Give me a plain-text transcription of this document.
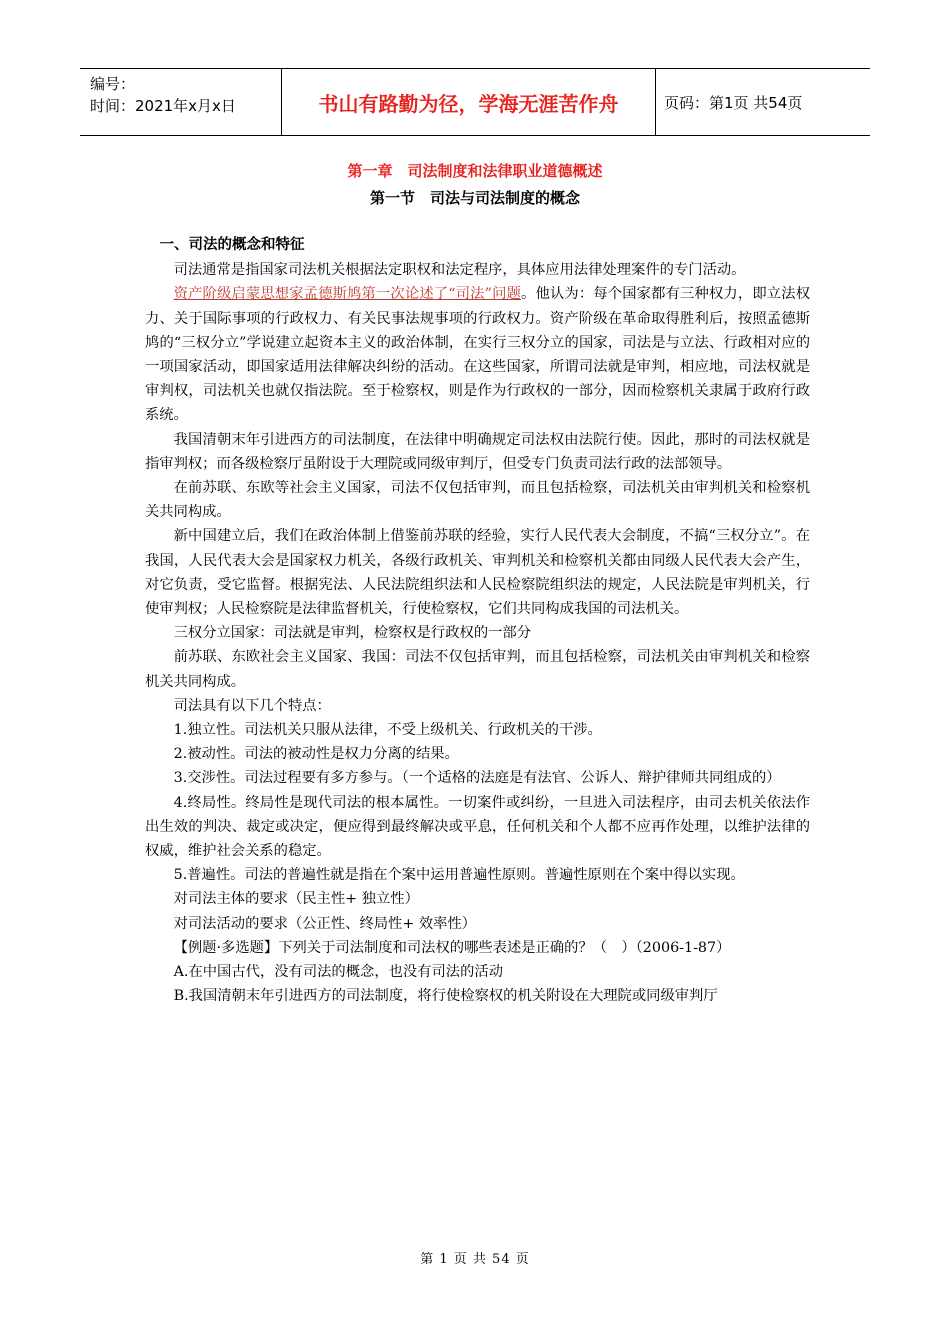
编号：
时间：2021年x月x日	书山有路勤为径，学海无涯苦作舟	页码：第1页 共54页
第一章　司法制度和法律职业道德概述
第一节　司法与司法制度的概念

一、司法的概念和特征

司法通常是指国家司法机关根据法定职权和法定程序，具体应用法律处理案件的专门活动。

资产阶级启蒙思想家孟德斯鸠第一次论述了“司法”问题。他认为：每个国家都有三种权力，即立法权力、关于国际事项的行政权力、有关民事法规事项的行政权力。资产阶级在革命取得胜利后，按照孟德斯鸠的“三权分立”学说建立起资本主义的政治体制，在实行三权分立的国家，司法是与立法、行政相对应的一项国家活动，即国家适用法律解决纠纷的活动。在这些国家，所谓司法就是审判，相应地，司法权就是审判权，司法机关也就仅指法院。至于检察权，则是作为行政权的一部分，因而检察机关隶属于政府行政系统。

我国清朝末年引进西方的司法制度，在法律中明确规定司法权由法院行使。因此，那时的司法权就是指审判权；而各级检察厅虽附设于大理院或同级审判厅，但受专门负责司法行政的法部领导。

在前苏联、东欧等社会主义国家，司法不仅包括审判，而且包括检察，司法机关由审判机关和检察机关共同构成。

新中国建立后，我们在政治体制上借鉴前苏联的经验，实行人民代表大会制度，不搞“三权分立”。在我国，人民代表大会是国家权力机关，各级行政机关、审判机关和检察机关都由同级人民代表大会产生，对它负责，受它监督。根据宪法、人民法院组织法和人民检察院组织法的规定，人民法院是审判机关，行使审判权；人民检察院是法律监督机关，行使检察权，它们共同构成我国的司法机关。

三权分立国家：司法就是审判，检察权是行政权的一部分

前苏联、东欧社会主义国家、我国：司法不仅包括审判，而且包括检察，司法机关由审判机关和检察机关共同构成。

司法具有以下几个特点：

1.独立性。司法机关只服从法律，不受上级机关、行政机关的干涉。

2.被动性。司法的被动性是权力分离的结果。

3.交涉性。司法过程要有多方参与。（一个适格的法庭是有法官、公诉人、辩护律师共同组成的）

4.终局性。终局性是现代司法的根本属性。一切案件或纠纷，一旦进入司法程序，由司去机关依法作出生效的判决、裁定或决定，便应得到最终解决或平息，任何机关和个人都不应再作处理，以维护法律的权威，维护社会关系的稳定。

5.普遍性。司法的普遍性就是指在个案中运用普遍性原则。普遍性原则在个案中得以实现。

对司法主体的要求（民主性+ 独立性）

对司法活动的要求（公正性、终局性+ 效率性）

【例题·多选题】下列关于司法制度和司法权的哪些表述是正确的？（　）（2006-1-87）

A.在中国古代，没有司法的概念，也没有司法的活动

B.我国清朝末年引进西方的司法制度，将行使检察权的机关附设在大理院或同级审判厅

第 1 页 共 54 页
